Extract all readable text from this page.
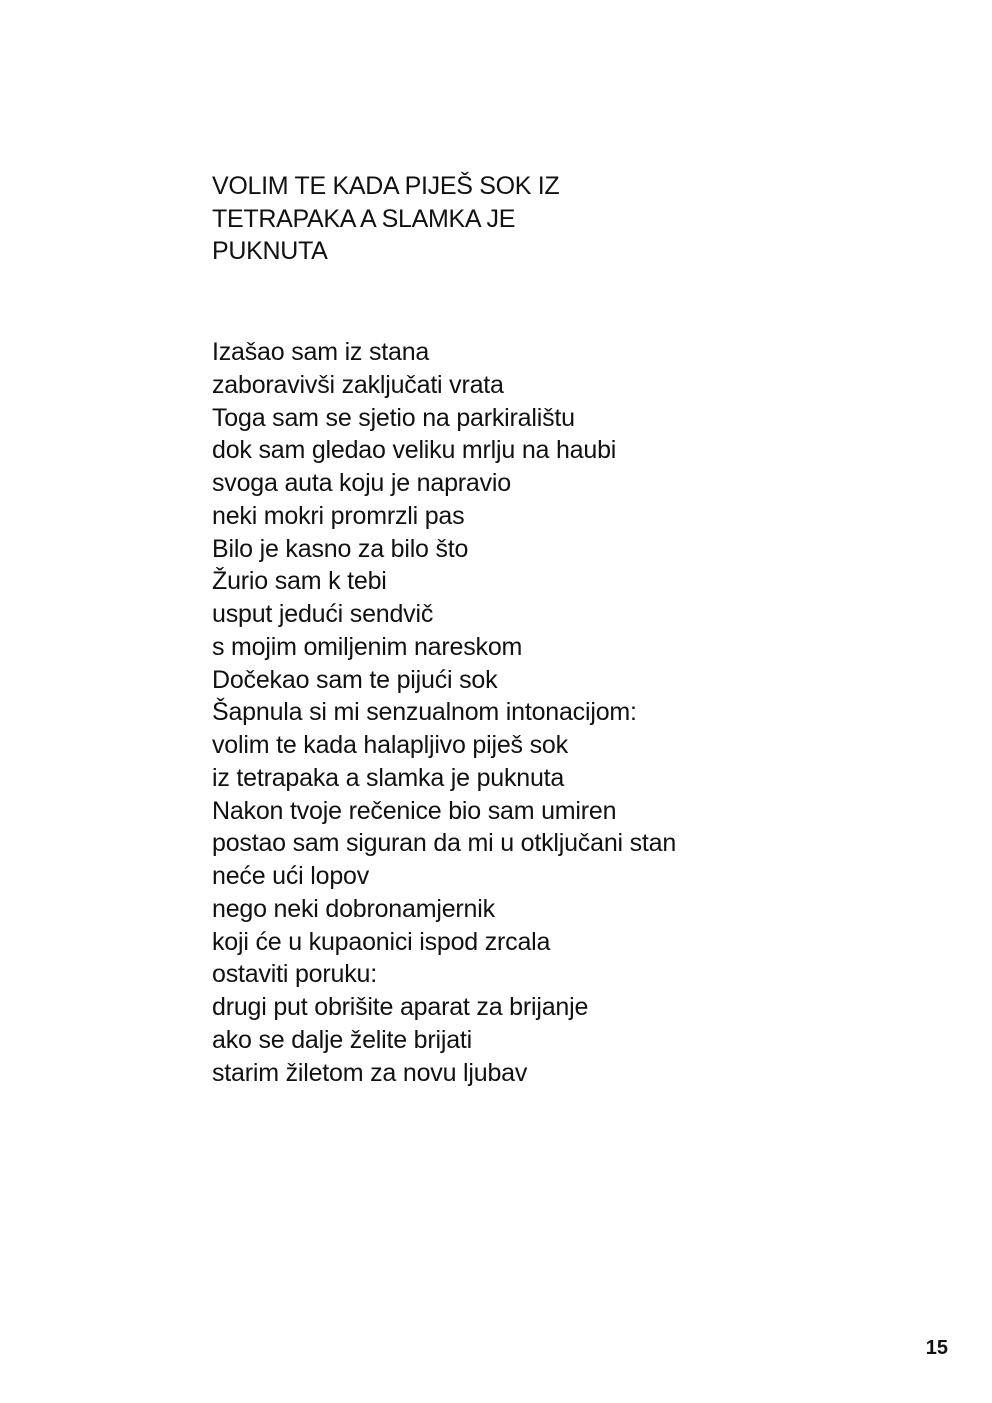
VOLIM TE KADA PIJEŠ SOK IZ
TETRAPAKA A SLAMKA JE
PUKNUTA
Izašao sam iz stana
zaboravivši zaključati vrata
Toga sam se sjetio na parkiralištu
dok sam gledao veliku mrlju na haubi
svoga auta koju je napravio
neki mokri promrzli pas
Bilo je kasno za bilo što
Žurio sam k tebi
usput jedući sendvič
s mojim omiljenim nareskom
Dočekao sam te pijući sok
Šapnula si mi senzualnom intonacijom:
volim te kada halapljivo piješ sok
iz tetrapaka a slamka je puknuta
Nakon tvoje rečenice bio sam umiren
postao sam siguran da mi u otključani stan
neće ući lopov
nego neki dobronamjernik
koji će u kupaonici ispod zrcala
ostaviti poruku:
drugi put obrišite aparat za brijanje
ako se dalje želite brijati
starim žiletom za novu ljubav
15
